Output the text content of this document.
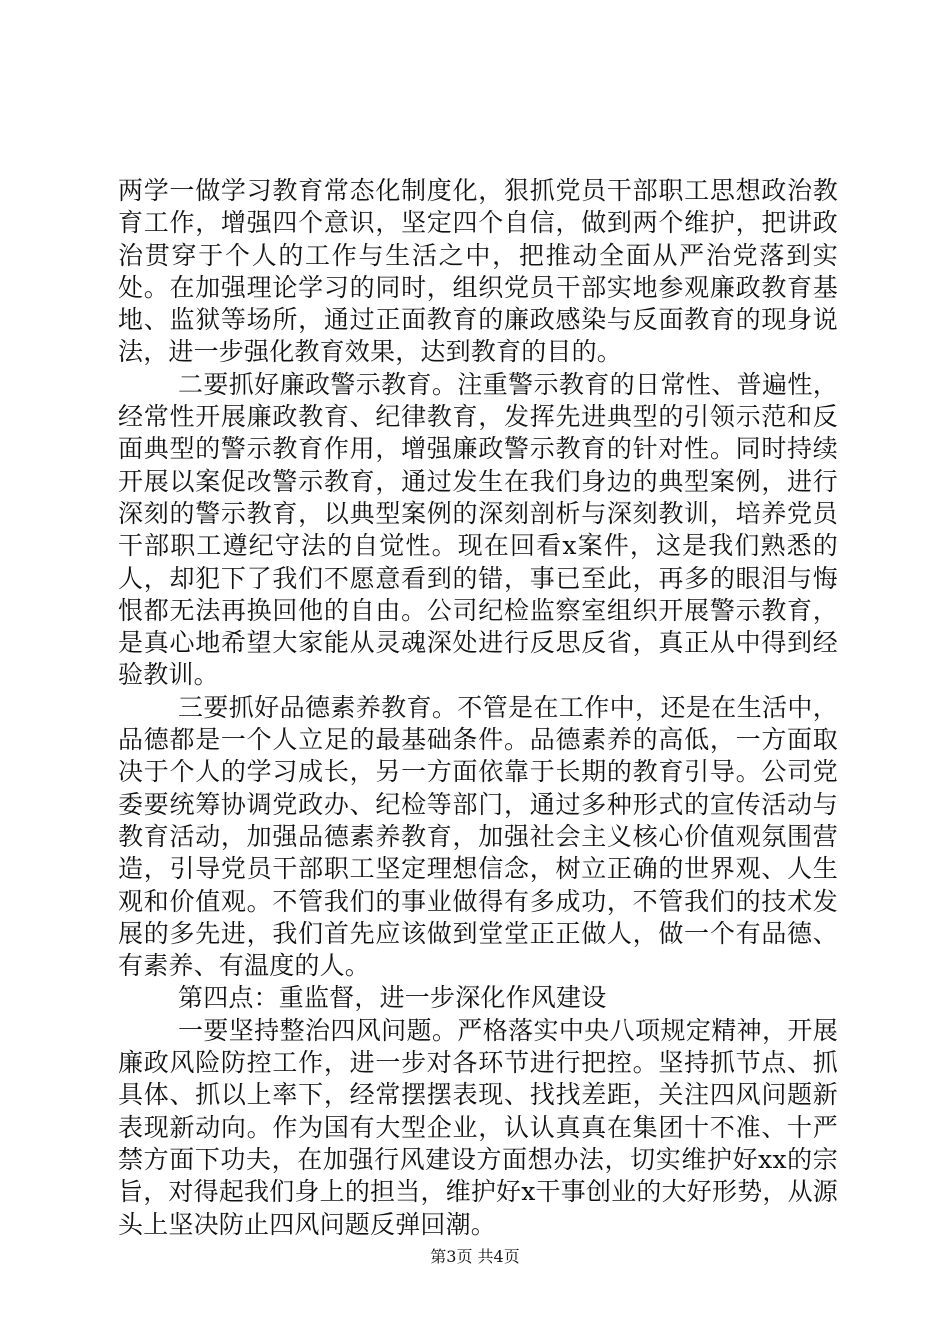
两学一做学习教育常态化制度化，狠抓党员干部职工思想政治教育工作，增强四个意识，坚定四个自信，做到两个维护，把讲政治贯穿于个人的工作与生活之中，把推动全面从严治党落到实处。在加强理论学习的同时，组织党员干部实地参观廉政教育基地、监狱等场所，通过正面教育的廉政感染与反面教育的现身说法，进一步强化教育效果，达到教育的目的。

二要抓好廉政警示教育。注重警示教育的日常性、普遍性，经常性开展廉政教育、纪律教育，发挥先进典型的引领示范和反面典型的警示教育作用，增强廉政警示教育的针对性。同时持续开展以案促改警示教育，通过发生在我们身边的典型案例，进行深刻的警示教育，以典型案例的深刻剖析与深刻教训，培养党员干部职工遵纪守法的自觉性。现在回看x案件，这是我们熟悉的人，却犯下了我们不愿意看到的错，事已至此，再多的眼泪与悔恨都无法再换回他的自由。公司纪检监察室组织开展警示教育，是真心地希望大家能从灵魂深处进行反思反省，真正从中得到经验教训。

三要抓好品德素养教育。不管是在工作中，还是在生活中，品德都是一个人立足的最基础条件。品德素养的高低，一方面取决于个人的学习成长，另一方面依靠于长期的教育引导。公司党委要统筹协调党政办、纪检等部门，通过多种形式的宣传活动与教育活动，加强品德素养教育，加强社会主义核心价值观氛围营造，引导党员干部职工坚定理想信念，树立正确的世界观、人生观和价值观。不管我们的事业做得有多成功，不管我们的技术发展的多先进，我们首先应该做到堂堂正正做人，做一个有品德、有素养、有温度的人。

第四点：重监督，进一步深化作风建设

一要坚持整治四风问题。严格落实中央八项规定精神，开展廉政风险防控工作，进一步对各环节进行把控。坚持抓节点、抓具体、抓以上率下，经常摆摆表现、找找差距，关注四风问题新表现新动向。作为国有大型企业，认认真真在集团十不准、十严禁方面下功夫，在加强行风建设方面想办法，切实维护好xx的宗旨，对得起我们身上的担当，维护好x干事创业的大好形势，从源头上坚决防止四风问题反弹回潮。

第3页 共4页
